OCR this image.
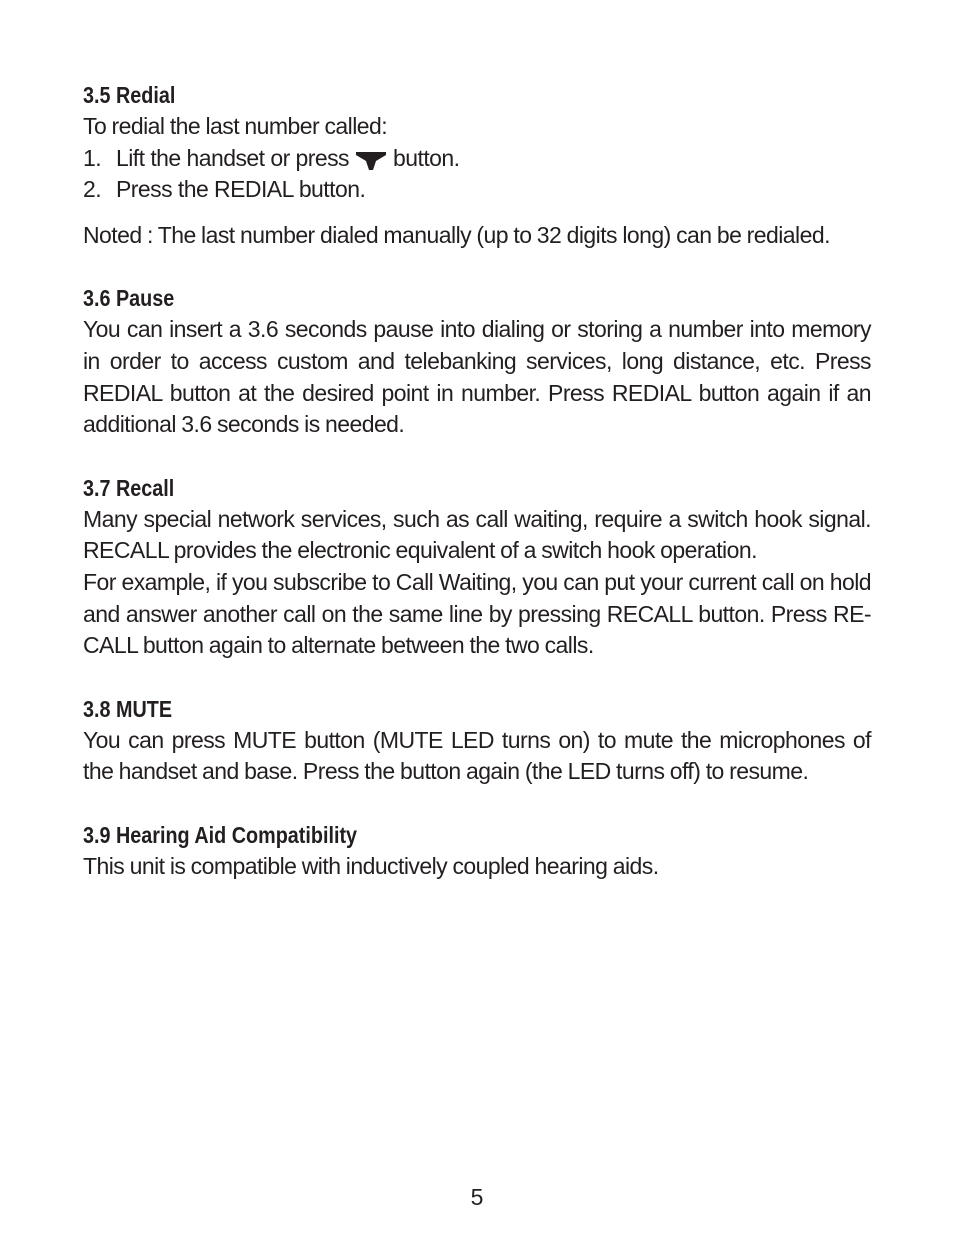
3.5 Redial

To redial the last number called:

1. Lift the handset or press button.
2. Press the REDIAL button.

Noted : The last number dialed manually (up to 32 digits long) can be redialed.

3.6 Pause

You can insert a 3.6 seconds pause into dialing or storing a number into memory in order to access custom and telebanking services, long distance, etc. Press REDIAL button at the desired point in number. Press REDIAL button again if an additional 3.6 seconds is needed.

3.7 Recall

Many special network services, such as call waiting, require a switch hook signal. RECALL provides the electronic equivalent of a switch hook operation.

For example, if you subscribe to Call Waiting, you can put your current call on hold and answer another call on the same line by pressing RECALL button. Press RE-CALL button again to alternate between the two calls.

3.8 MUTE

You can press MUTE button (MUTE LED turns on) to mute the microphones of the handset and base. Press the button again (the LED turns off) to resume.

3.9 Hearing Aid Compatibility

This unit is compatible with inductively coupled hearing aids.

5
